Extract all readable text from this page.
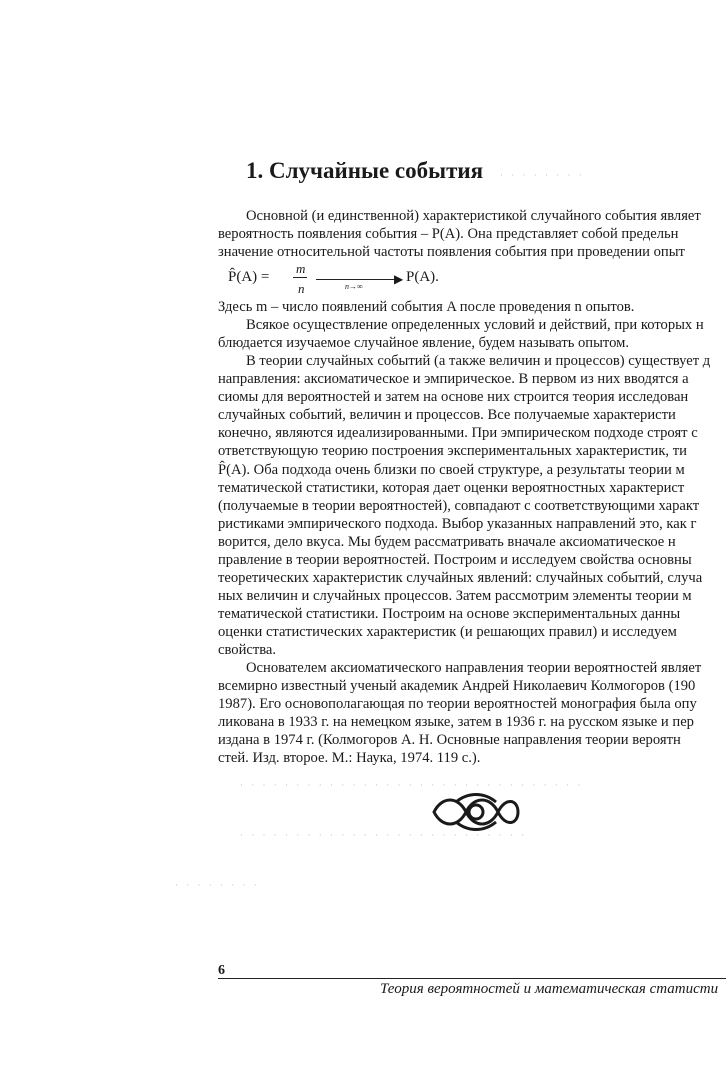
1. Случайные события
Основной (и единственной) характеристикой случайного события являет
вероятность появления события – P(A). Она представляет собой предельн
значение относительной частоты появления события при проведении опыт
P̂(A) =
m
n
▶
n→∞
P(A).
Здесь m – число появлений события A после проведения n опытов.
Всякое осуществление определенных условий и действий, при которых н
блюдается изучаемое случайное явление, будем называть опытом.
В теории случайных событий (а также величин и процессов) существует д
направления: аксиоматическое и эмпирическое. В первом из них вводятся а
сиомы для вероятностей и затем на основе них строится теория исследован
случайных событий, величин и процессов. Все получаемые характеристи
конечно, являются идеализированными. При эмпирическом подходе строят с
ответствующую теорию построения экспериментальных характеристик, ти
P̂(A). Оба подхода очень близки по своей структуре, а результаты теории м
тематической статистики, которая дает оценки вероятностных характерист
(получаемые в теории вероятностей), совпадают с соответствующими характ
ристиками эмпирического подхода. Выбор указанных направлений это, как г
ворится, дело вкуса. Мы будем рассматривать вначале аксиоматическое н
правление в теории вероятностей. Построим и исследуем свойства основны
теоретических характеристик случайных явлений: случайных событий, случа
ных величин и случайных процессов. Затем рассмотрим элементы теории м
тематической статистики. Построим на основе экспериментальных данны
оценки статистических характеристик (и решающих правил) и исследуем
свойства.
Основателем аксиоматического направления теории вероятностей являет
всемирно известный ученый академик Андрей Николаевич Колмогоров (190
1987). Его основополагающая по теории вероятностей монография была опу
ликована в 1933 г. на немецком языке, затем в 1936 г. на русском языке и пер
издана в 1974 г. (Колмогоров А. Н. Основные направления теории вероятн
стей. Изд. второе. М.: Наука, 1974. 119 с.).
· · · · · · · ·
· · · · · · · · · · · · · · · · · · · · · · · · · · · · · · ·
· · · · · · · · · · · · · · · · · · · · · · · · · ·
· · · · · · · ·
6
Теория вероятностей и математическая статисти
